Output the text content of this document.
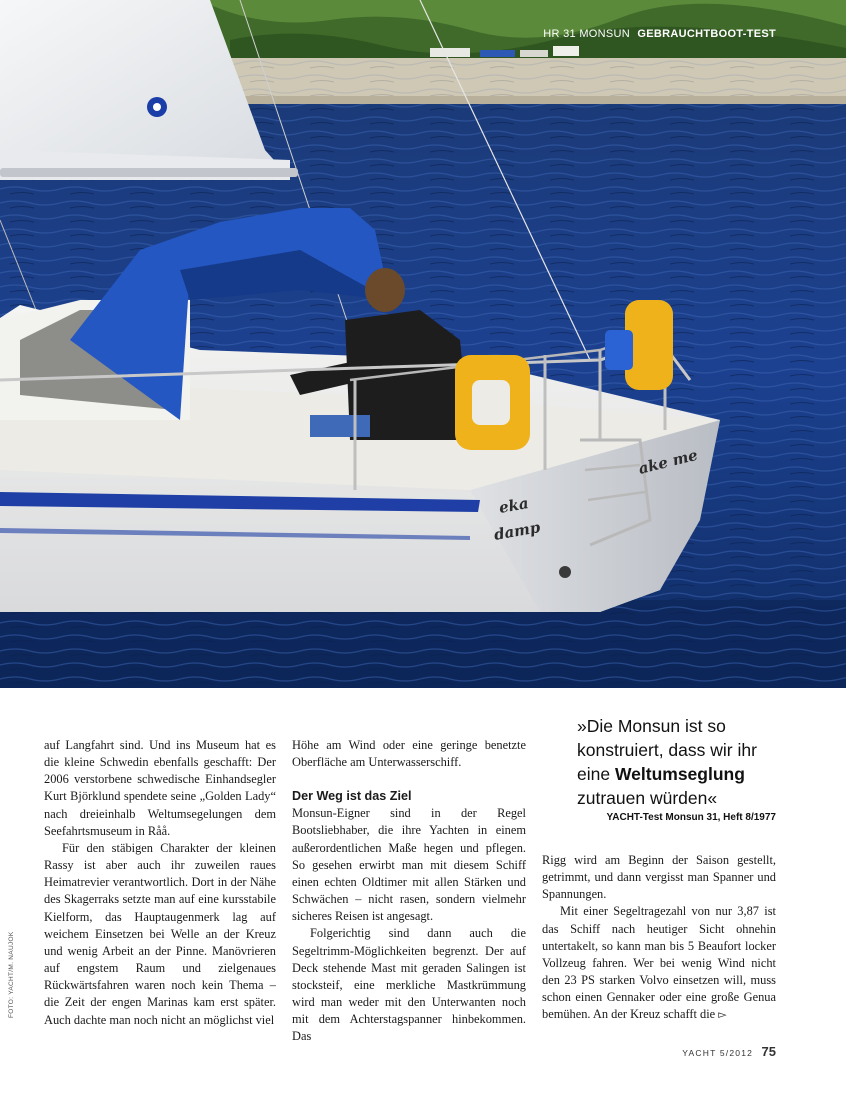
eka
damp
ake me
HR 31 MONSUN GEBRAUCHTBOOT-TEST
»Die Monsun ist so konstruiert, dass wir ihr eine Weltumseglung zutrauen würden«
YACHT-Test Monsun 31, Heft 8/1977

auf Langfahrt sind. Und ins Museum hat es die kleine Schwedin ebenfalls geschafft: Der 2006 verstorbene schwedische Einhandsegler Kurt Björklund spendete seine „Golden Lady“ nach dreieinhalb Weltumsegelungen dem Seefahrtsmuseum in Råå.

Für den stäbigen Charakter der kleinen Rassy ist aber auch ihr zuweilen raues Heimatrevier verantwortlich. Dort in der Nähe des Skagerraks setzte man auf eine kursstabile Kielform, das Hauptaugenmerk lag auf weichem Einsetzen bei Welle an der Kreuz und wenig Arbeit an der Pinne. Manövrieren auf engstem Raum und zielgenaues Rückwärtsfahren waren noch kein Thema – die Zeit der engen Marinas kam erst später. Auch dachte man noch nicht an möglichst viel

Höhe am Wind oder eine geringe benetzte Oberfläche am Unterwasserschiff.

Der Weg ist das Ziel

Monsun-Eigner sind in der Regel Bootsliebhaber, die ihre Yachten in einem außerordentlichen Maße hegen und pflegen. So gesehen erwirbt man mit diesem Schiff einen echten Oldtimer mit allen Stärken und Schwächen – nicht rasen, sondern vielmehr sicheres Reisen ist angesagt.

Folgerichtig sind dann auch die Segeltrimm-Möglichkeiten begrenzt. Der auf Deck stehende Mast mit geraden Salingen ist stocksteif, eine merkliche Mastkrümmung wird man weder mit den Unterwanten noch mit dem Achterstagspanner hinbekommen. Das

Rigg wird am Beginn der Saison gestellt, getrimmt, und dann vergisst man Spanner und Spannungen.

Mit einer Segeltragezahl von nur 3,87 ist das Schiff nach heutiger Sicht ohnehin untertakelt, so kann man bis 5 Beaufort locker Vollzeug fahren. Wer bei wenig Wind nicht den 23 PS starken Volvo einsetzen will, muss schon einen Gennaker oder eine große Genua bemühen. An der Kreuz schafft die ▻

FOTO: YACHT/M. NAUJOK
YACHT 5/2012 75
